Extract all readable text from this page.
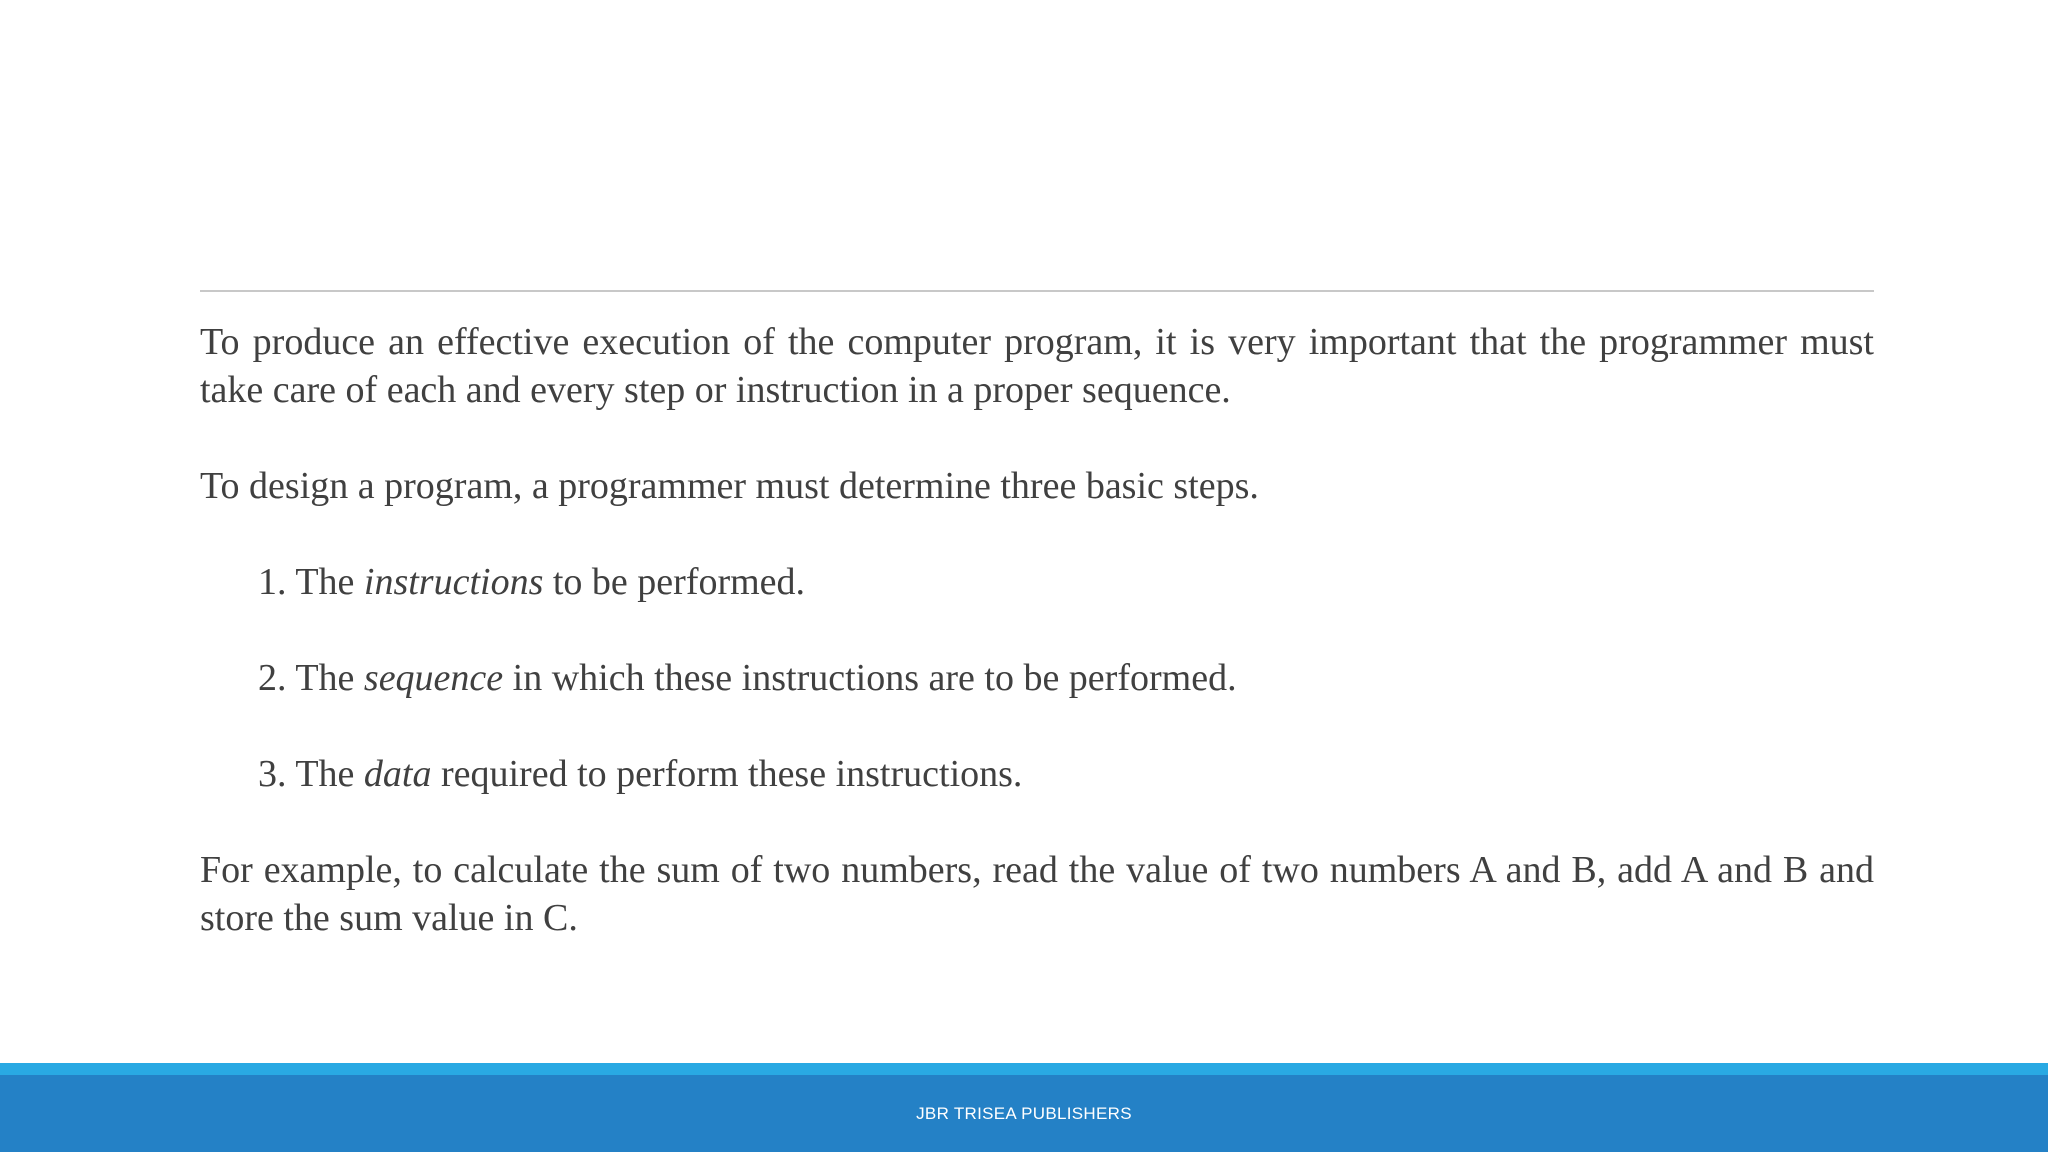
To produce an effective execution of the computer program, it is very important that the programmer must take care of each and every step or instruction in a proper sequence.

To design a program, a programmer must determine three basic steps.

1. The instructions to be performed.
2. The sequence in which these instructions are to be performed.
3. The data required to perform these instructions.

For example, to calculate the sum of two numbers, read the value of two numbers A and B, add A and B and store the sum value in C.

JBR TRISEA PUBLISHERS
